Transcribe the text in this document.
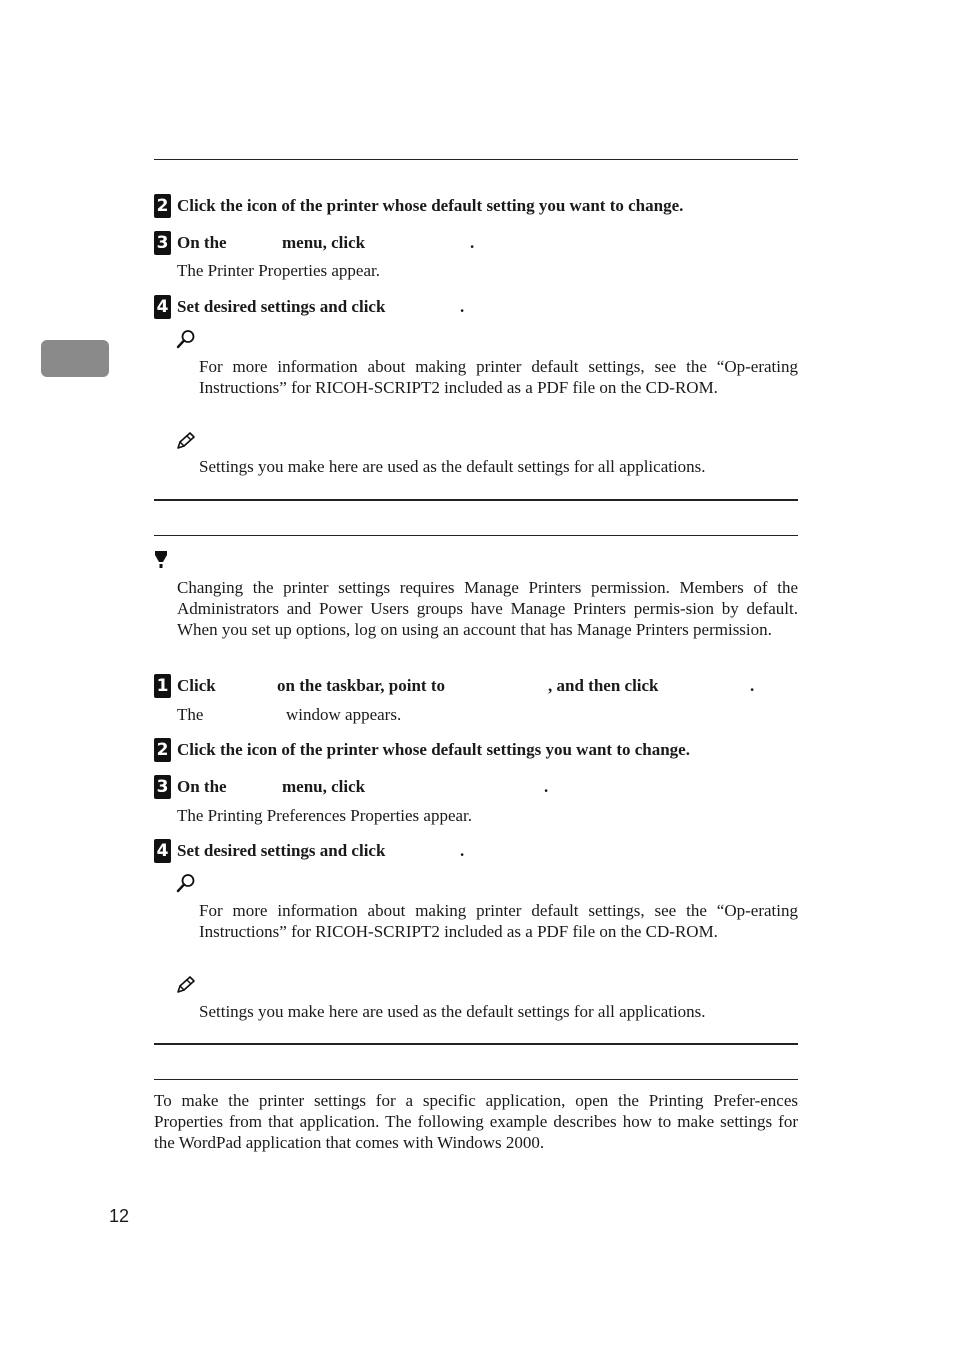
2 Click the icon of the printer whose default setting you want to change.
3 On the	menu, click	.
The Printer Properties appear.
4 Set desired settings and click	.
For more information about making printer default settings, see the “Op-erating Instructions” for RICOH-SCRIPT2 included as a PDF file on the CD-ROM.
Settings you make here are used as the default settings for all applications.
Changing the printer settings requires Manage Printers permission. Members of the Administrators and Power Users groups have Manage Printers permis-sion by default. When you set up options, log on using an account that has Manage Printers permission.
1 Click	on the taskbar, point to	, and then click	.
The	window appears.
2 Click the icon of the printer whose default settings you want to change.
3 On the	menu, click	.
The Printing Preferences Properties appear.
4 Set desired settings and click	.
For more information about making printer default settings, see the “Op-erating Instructions” for RICOH-SCRIPT2 included as a PDF file on the CD-ROM.
Settings you make here are used as the default settings for all applications.
To make the printer settings for a specific application, open the Printing Prefer-ences Properties from that application. The following example describes how to make settings for the WordPad application that comes with Windows 2000.
12
